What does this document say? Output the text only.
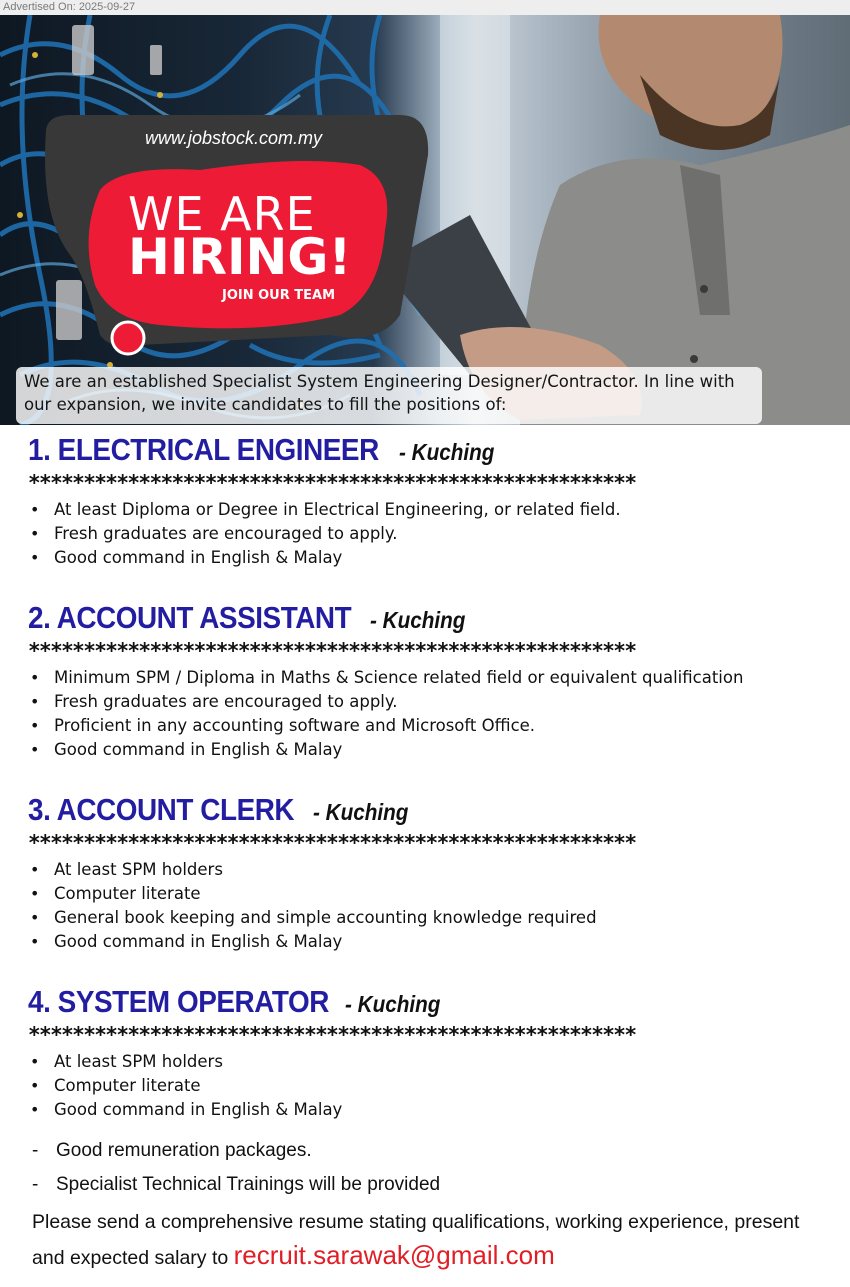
Advertised On: 2025-09-27
www.jobstock.com.my
WE ARE
HIRING!
JOIN OUR TEAM
We are an established Specialist System Engineering Designer/Contractor. In line with our expansion, we invite candidates to fill the positions of:
1. ELECTRICAL ENGINEER - Kuching
*******************************************************
• At least Diploma or Degree in Electrical Engineering, or related field.
• Fresh graduates are encouraged to apply.
• Good command in English & Malay
2. ACCOUNT ASSISTANT - Kuching
*******************************************************
• Minimum SPM / Diploma in Maths & Science related field or equivalent qualification
• Fresh graduates are encouraged to apply.
• Proficient in any accounting software and Microsoft Office.
• Good command in English & Malay
3. ACCOUNT CLERK - Kuching
*******************************************************
• At least SPM holders
• Computer literate
• General book keeping and simple accounting knowledge required
• Good command in English & Malay
4. SYSTEM OPERATOR - Kuching
*******************************************************
• At least SPM holders
• Computer literate
• Good command in English & Malay
- Good remuneration packages.
- Specialist Technical Trainings will be provided
Please send a comprehensive resume stating qualifications, working experience, present and expected salary to recruit.sarawak@gmail.com
